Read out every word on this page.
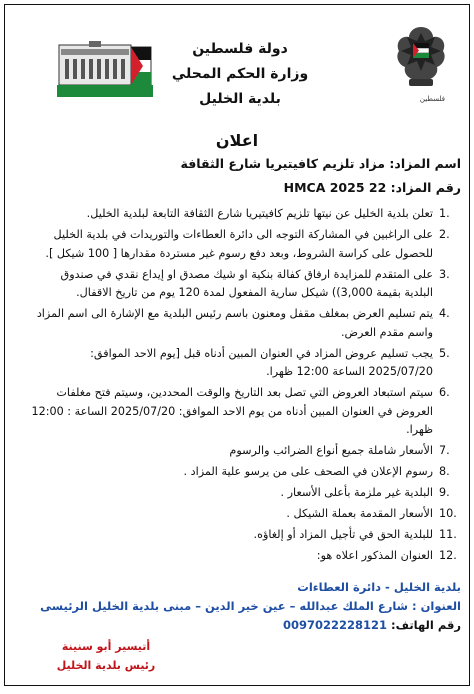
فلسطين
دولة فلسطين
وزارة الحكم المحلي
بلدية الخليل
اعلان
اسم المزاد: مزاد تلزيم كافيتيريا شارع الثقافة
رقم المزاد: HMCA 2025 22
1.
تعلن بلدية الخليل عن نيتها تلزيم كافيتيريا شارع الثقافة التابعة لبلدية الخليل.
2.
على الراغبين في المشاركة التوجه الى دائرة العطاءات والتوريدات في بلدية الخليل للحصول على كراسة الشروط، وبعد دفع رسوم غير مستردة مقدارها [ 100 شيكل ].
3.
على المتقدم للمزايدة ارفاق كفالة بنكية او شيك مصدق او إيداع نقدي في صندوق البلدية بقيمة 3,000)) شيكل سارية المفعول لمدة 120 يوم من تاريخ الاقفال.
4.
يتم تسليم العرض بمغلف مقفل ومعنون باسم رئيس البلدية مع الإشارة الى اسم المزاد واسم مقدم العرض.
5.
يجب تسليم عروض المزاد في العنوان المبين أدناه قبل [يوم الاحد الموافق: 2025/07/20 الساعة 12:00 ظهرا.
6.
سيتم استبعاد العروض التي تصل بعد التاريخ والوقت المحددين، وسيتم فتح مغلفات العروض في العنوان المبين أدناه من يوم الاحد الموافق: 2025/07/20 الساعة : 12:00 ظهرا.
7.
الأسعار شاملة جميع أنواع الضرائب والرسوم
8.
رسوم الإعلان في الصحف على من يرسو علية المزاد .
9.
البلدية غير ملزمة بأعلى الأسعار .
10.
الأسعار المقدمة بعملة الشيكل .
11.
للبلدية الحق في تأجيل المزاد أو إلغاؤه.
12.
العنوان المذكور اعلاه هو:
بلدية الخليل - دائرة العطاءات
العنوان : شارع الملك عبدالله – عين خير الدين – مبنى بلدية الخليل الرئيسى
رقم الهاتف: 0097022228121
أتيسير أبو سنينة
رئيس بلدية الخليل
